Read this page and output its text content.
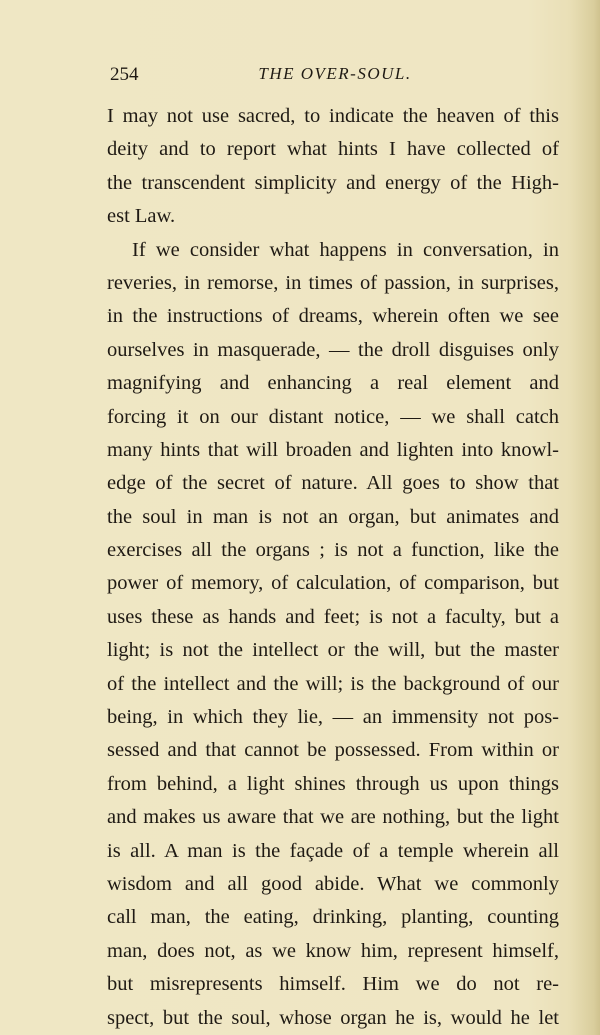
254	THE OVER-SOUL.
I may not use sacred, to indicate the heaven of this
deity and to report what hints I have collected of
the transcendent simplicity and energy of the High-
est Law.
If we consider what happens in conversation, in
reveries, in remorse, in times of passion, in surprises,
in the instructions of dreams, wherein often we see
ourselves in masquerade, — the droll disguises only
magnifying and enhancing a real element and
forcing it on our distant notice, — we shall catch
many hints that will broaden and lighten into knowl-
edge of the secret of nature. All goes to show that
the soul in man is not an organ, but animates and
exercises all the organs ; is not a function, like the
power of memory, of calculation, of comparison, but
uses these as hands and feet; is not a faculty, but a
light; is not the intellect or the will, but the master
of the intellect and the will; is the background of our
being, in which they lie, — an immensity not pos-
sessed and that cannot be possessed. From within or
from behind, a light shines through us upon things
and makes us aware that we are nothing, but the light
is all. A man is the façade of a temple wherein all
wisdom and all good abide. What we commonly
call man, the eating, drinking, planting, counting
man, does not, as we know him, represent himself,
but misrepresents himself. Him we do not re-
spect, but the soul, whose organ he is, would he let
